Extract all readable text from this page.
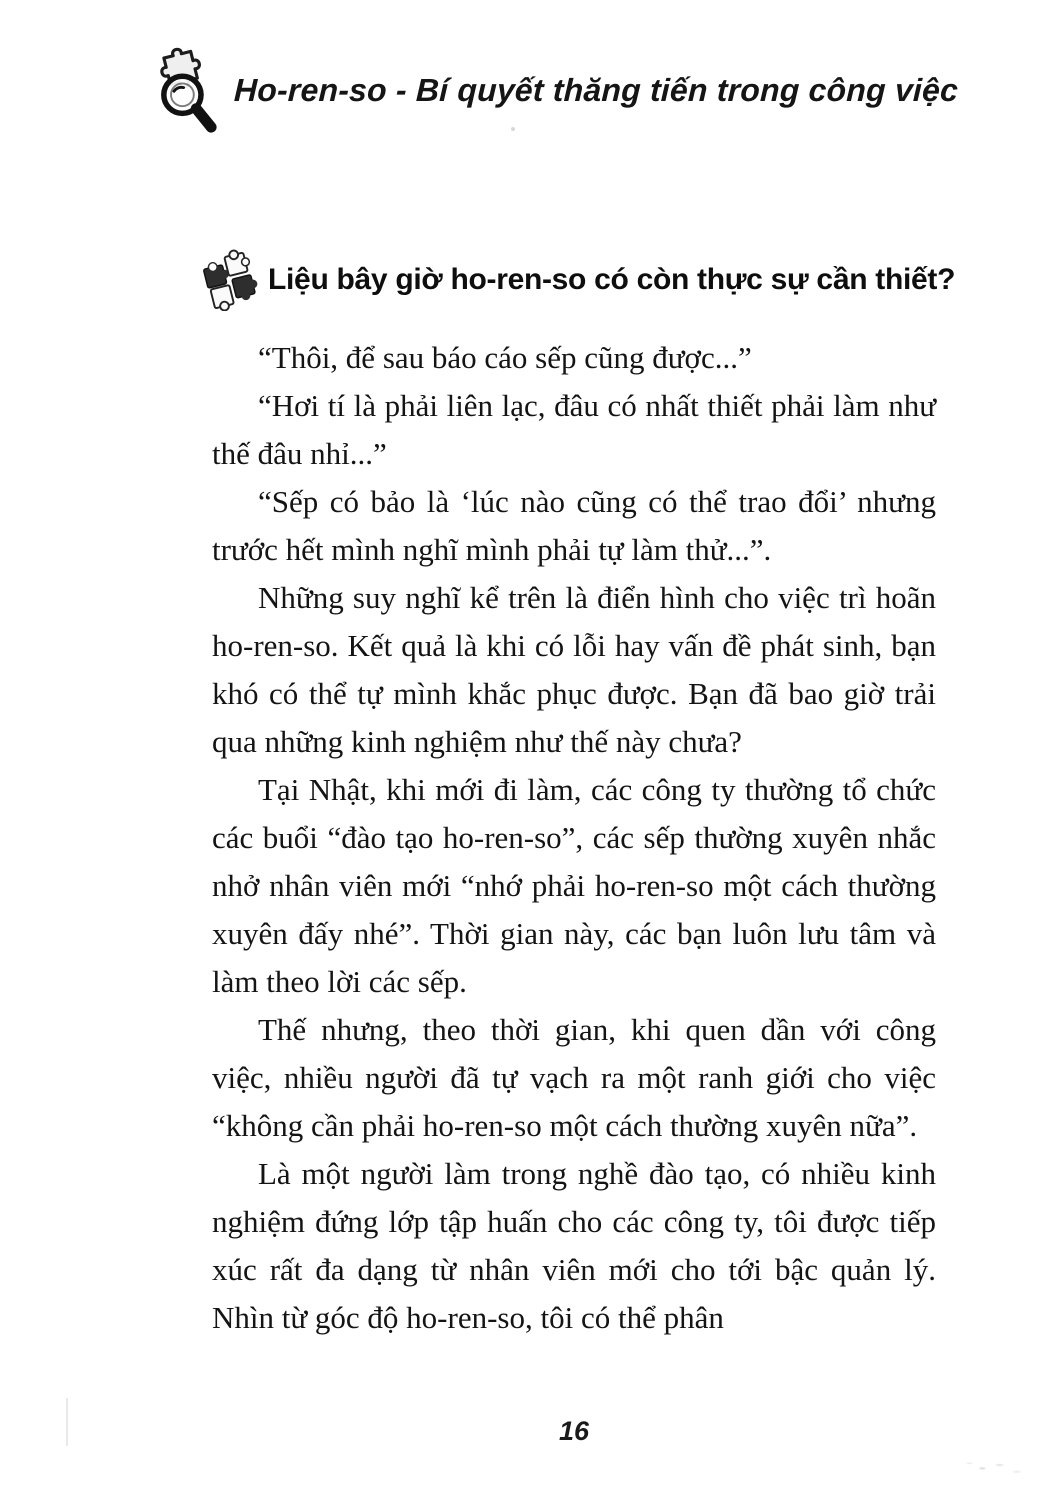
Ho-ren-so - Bí quyết thăng tiến trong công việc
Liệu bây giờ ho-ren-so có còn thực sự cần thiết?

“Thôi, để sau báo cáo sếp cũng được...”

“Hơi tí là phải liên lạc, đâu có nhất thiết phải làm như thế đâu nhỉ...”

“Sếp có bảo là ‘lúc nào cũng có thể trao đổi’ nhưng trước hết mình nghĩ mình phải tự làm thử...”.

Những suy nghĩ kể trên là điển hình cho việc trì hoãn ho-ren-so. Kết quả là khi có lỗi hay vấn đề phát sinh, bạn khó có thể tự mình khắc phục được. Bạn đã bao giờ trải qua những kinh nghiệm như thế này chưa?

Tại Nhật, khi mới đi làm, các công ty thường tổ chức các buổi “đào tạo ho-ren-so”, các sếp thường xuyên nhắc nhở nhân viên mới “nhớ phải ho-ren-so một cách thường xuyên đấy nhé”. Thời gian này, các bạn luôn lưu tâm và làm theo lời các sếp.

Thế nhưng, theo thời gian, khi quen dần với công việc, nhiều người đã tự vạch ra một ranh giới cho việc “không cần phải ho-ren-so một cách thường xuyên nữa”.

Là một người làm trong nghề đào tạo, có nhiều kinh nghiệm đứng lớp tập huấn cho các công ty, tôi được tiếp xúc rất đa dạng từ nhân viên mới cho tới bậc quản lý. Nhìn từ góc độ ho-ren-so, tôi có thể phân

16
